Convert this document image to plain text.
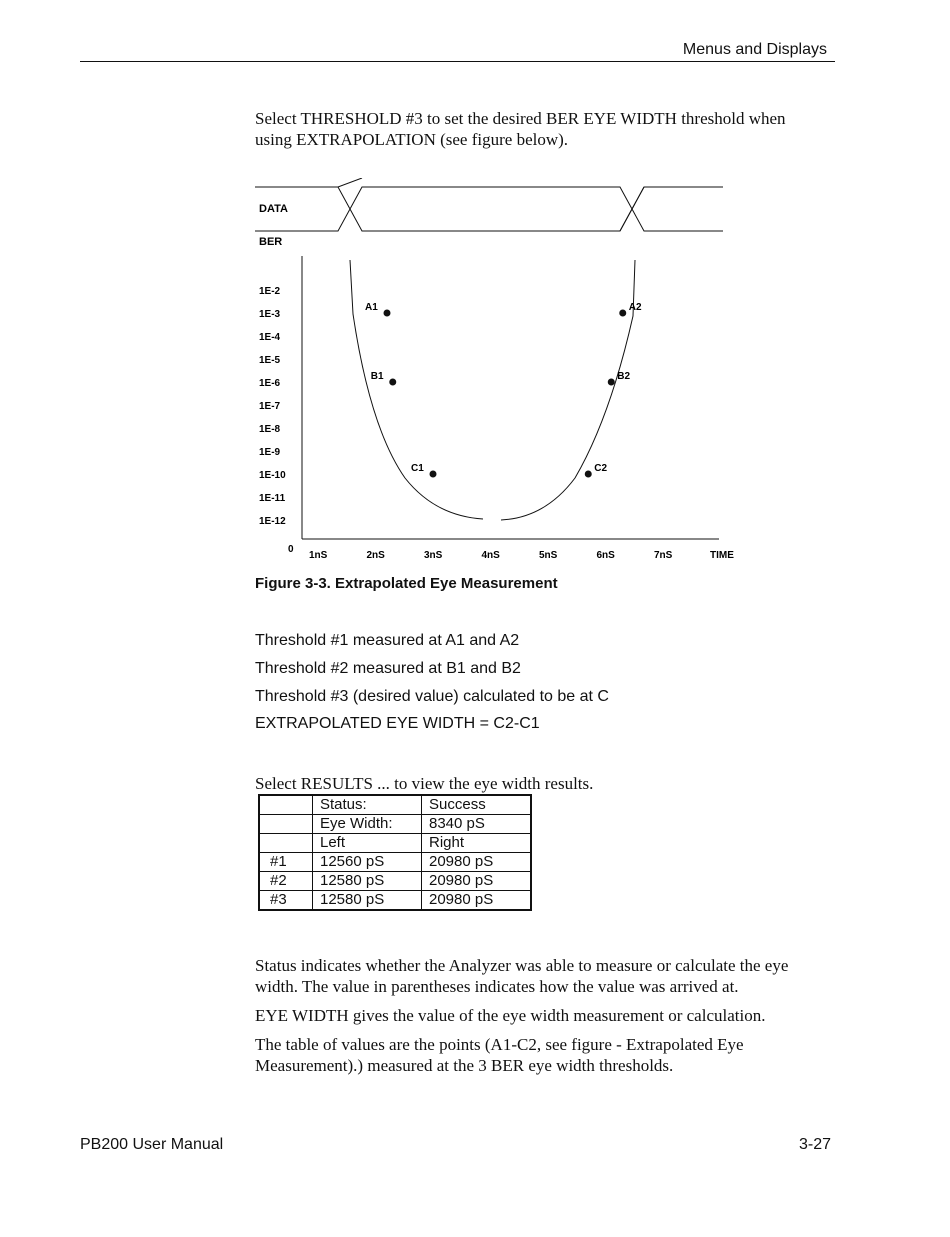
Menus and Displays
Select THRESHOLD #3 to set the desired BER EYE WIDTH threshold when using EXTRAPOLATION (see figure below).
DATA
BER
1E-2
1E-3
1E-4
1E-5
1E-6
1E-7
1E-8
1E-9
1E-10
1E-11
1E-12
0
1nS	2nS	3nS	4nS	5nS	6nS	7nS	TIME
A1	A2
B1	B2
C1	C2
Figure 3-3. Extrapolated Eye Measurement
Threshold #1 measured at A1 and A2
Threshold #2 measured at B1 and B2
Threshold #3 (desired value) calculated to be at C
EXTRAPOLATED EYE WIDTH = C2-C1
Select RESULTS ... to view the eye width results.
	Status:	Success
	Eye Width:	8340 pS
	Left	Right
#1	12560 pS	20980 pS
#2	12580 pS	20980 pS
#3	12580 pS	20980 pS
Status indicates whether the Analyzer was able to measure or calculate the eye width. The value in parentheses indicates how the value was arrived at.
EYE WIDTH gives the value of the eye width measurement or calculation.
The table of values are the points (A1-C2, see figure - Extrapolated Eye Measurement).) measured at the 3 BER eye width thresholds.
PB200 User Manual	3-27
